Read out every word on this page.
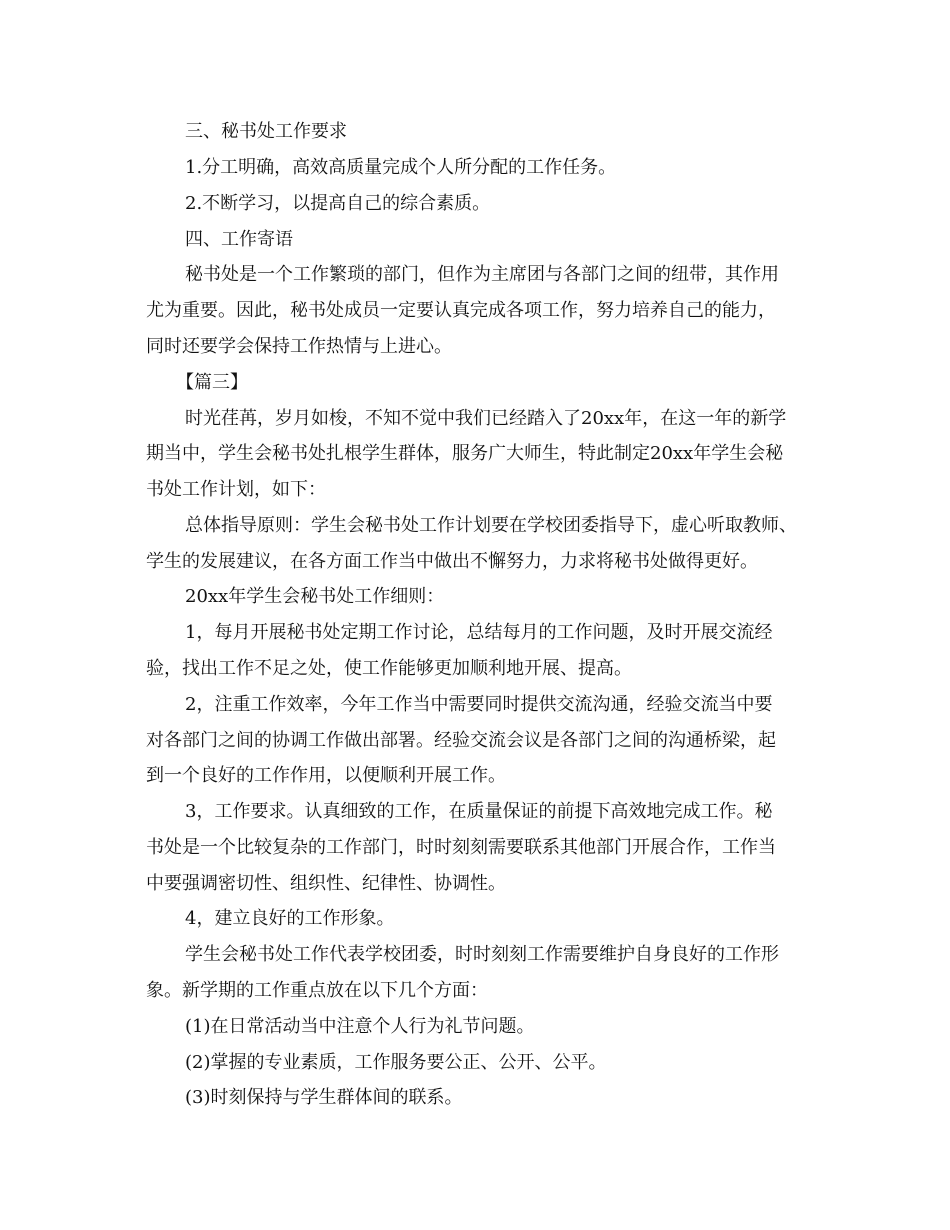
三、秘书处工作要求
1.分工明确，高效高质量完成个人所分配的工作任务。
2.不断学习，以提高自己的综合素质。
四、工作寄语
秘书处是一个工作繁琐的部门，但作为主席团与各部门之间的纽带，其作用
尤为重要。因此，秘书处成员一定要认真完成各项工作，努力培养自己的能力，
同时还要学会保持工作热情与上进心。
【篇三】
时光荏苒，岁月如梭，不知不觉中我们已经踏入了20xx年，在这一年的新学
期当中，学生会秘书处扎根学生群体，服务广大师生，特此制定20xx年学生会秘
书处工作计划，如下：
总体指导原则：学生会秘书处工作计划要在学校团委指导下，虚心听取教师、
学生的发展建议，在各方面工作当中做出不懈努力，力求将秘书处做得更好。
20xx年学生会秘书处工作细则：
1，每月开展秘书处定期工作讨论，总结每月的工作问题，及时开展交流经
验，找出工作不足之处，使工作能够更加顺利地开展、提高。
2，注重工作效率，今年工作当中需要同时提供交流沟通，经验交流当中要
对各部门之间的协调工作做出部署。经验交流会议是各部门之间的沟通桥梁，起
到一个良好的工作作用，以便顺利开展工作。
3，工作要求。认真细致的工作，在质量保证的前提下高效地完成工作。秘
书处是一个比较复杂的工作部门，时时刻刻需要联系其他部门开展合作，工作当
中要强调密切性、组织性、纪律性、协调性。
4，建立良好的工作形象。
学生会秘书处工作代表学校团委，时时刻刻工作需要维护自身良好的工作形
象。新学期的工作重点放在以下几个方面：
(1)在日常活动当中注意个人行为礼节问题。
(2)掌握的专业素质，工作服务要公正、公开、公平。
(3)时刻保持与学生群体间的联系。
